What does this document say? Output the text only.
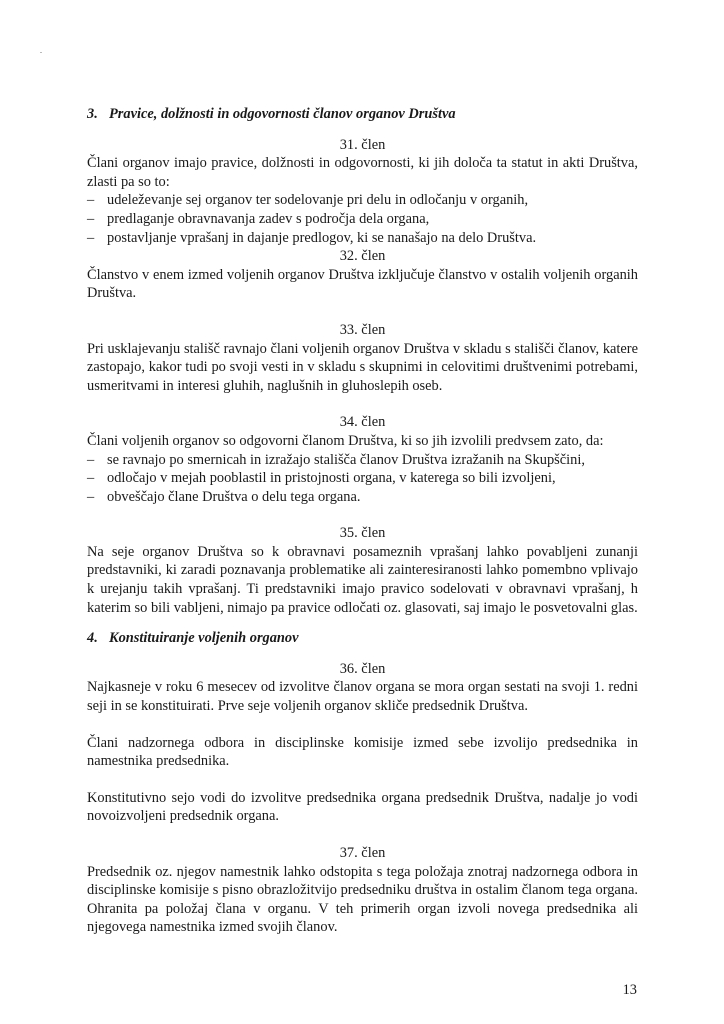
3. Pravice, dolžnosti in odgovornosti članov organov Društva
31. člen

Člani organov imajo pravice, dolžnosti in odgovornosti, ki jih določa ta statut in akti Društva, zlasti pa so to:

– udeleževanje sej organov ter sodelovanje pri delu in odločanju v organih,
– predlaganje obravnavanja zadev s področja dela organa,
– postavljanje vprašanj in dajanje predlogov, ki se nanašajo na delo Društva.
32. člen

Članstvo v enem izmed voljenih organov Društva izključuje članstvo v ostalih voljenih organih Društva.

33. člen

Pri usklajevanju stališč ravnajo člani voljenih organov Društva v skladu s stališči članov, katere zastopajo, kakor tudi po svoji vesti in v skladu s skupnimi in celovitimi društvenimi potrebami, usmeritvami in interesi gluhih, naglušnih in gluhoslepih oseb.

34. člen

Člani voljenih organov so odgovorni članom Društva, ki so jih izvolili predvsem zato, da:

– se ravnajo po smernicah in izražajo stališča članov Društva izražanih na Skupščini,
– odločajo v mejah pooblastil in pristojnosti organa, v katerega so bili izvoljeni,
– obveščajo člane Društva o delu tega organa.
35. člen

Na seje organov Društva so k obravnavi posameznih vprašanj lahko povabljeni zunanji predstavniki, ki zaradi poznavanja problematike ali zainteresiranosti lahko pomembno vplivajo k urejanju takih vprašanj. Ti predstavniki imajo pravico sodelovati v obravnavi vprašanj, h katerim so bili vabljeni, nimajo pa pravice odločati oz. glasovati, saj imajo le posvetovalni glas.

4. Konstituiranje voljenih organov
36. člen

Najkasneje v roku 6 mesecev od izvolitve članov organa se mora organ sestati na svoji 1. redni seji in se konstituirati. Prve seje voljenih organov skliče predsednik Društva.

Člani nadzornega odbora in disciplinske komisije izmed sebe izvolijo predsednika in namestnika predsednika.

Konstitutivno sejo vodi do izvolitve predsednika organa predsednik Društva, nadalje jo vodi novoizvoljeni predsednik organa.

37. člen

Predsednik oz. njegov namestnik lahko odstopita s tega položaja znotraj nadzornega odbora in disciplinske komisije s pisno obrazložitvijo predsedniku društva in ostalim članom tega organa. Ohranita pa položaj člana v organu. V teh primerih organ izvoli novega predsednika ali njegovega namestnika izmed svojih članov.

13
